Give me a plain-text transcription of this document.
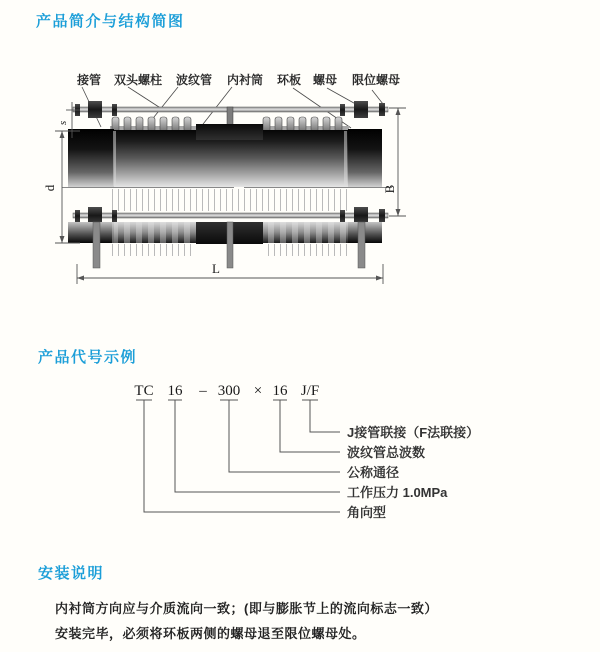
产品简介与结构简图
接管 双头螺柱 波纹管 内衬筒 环板 螺母 限位螺母
s
d	B
L
产品代号示例
TC 16 – 300 × 16 J/F
J接管联接（F法联接）
波纹管总波数
公称通径
工作压力 1.0MPa
角向型
安装说明
内衬筒方向应与介质流向一致；(即与膨胀节上的流向标志一致）
安装完毕，必须将环板两侧的螺母退至限位螺母处。
